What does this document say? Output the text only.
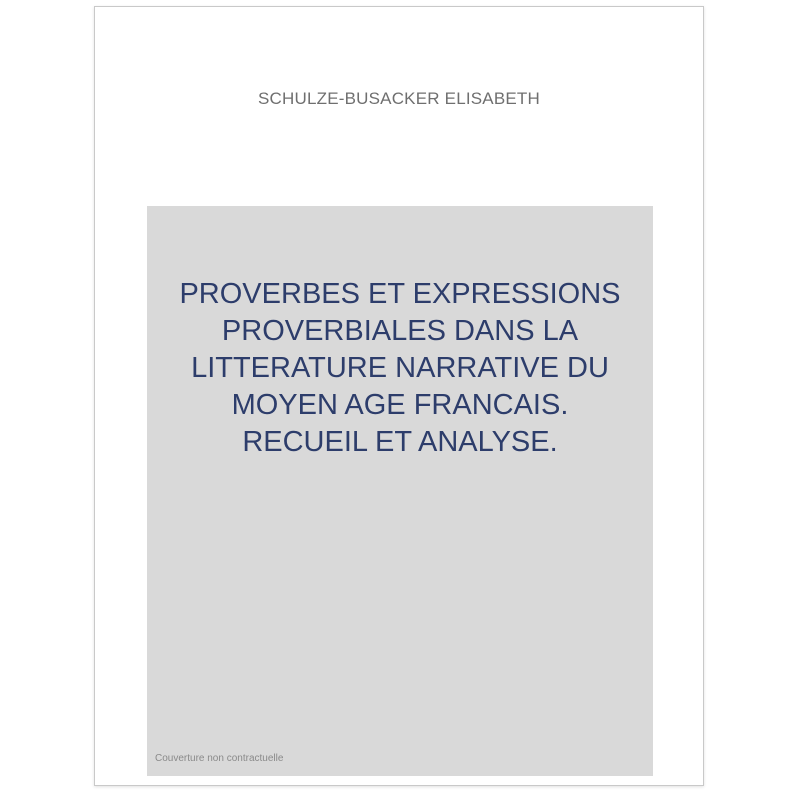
SCHULZE-BUSACKER ELISABETH
PROVERBES ET EXPRESSIONS PROVERBIALES DANS LA LITTERATURE NARRATIVE DU MOYEN AGE FRANCAIS. RECUEIL ET ANALYSE.
Couverture non contractuelle
